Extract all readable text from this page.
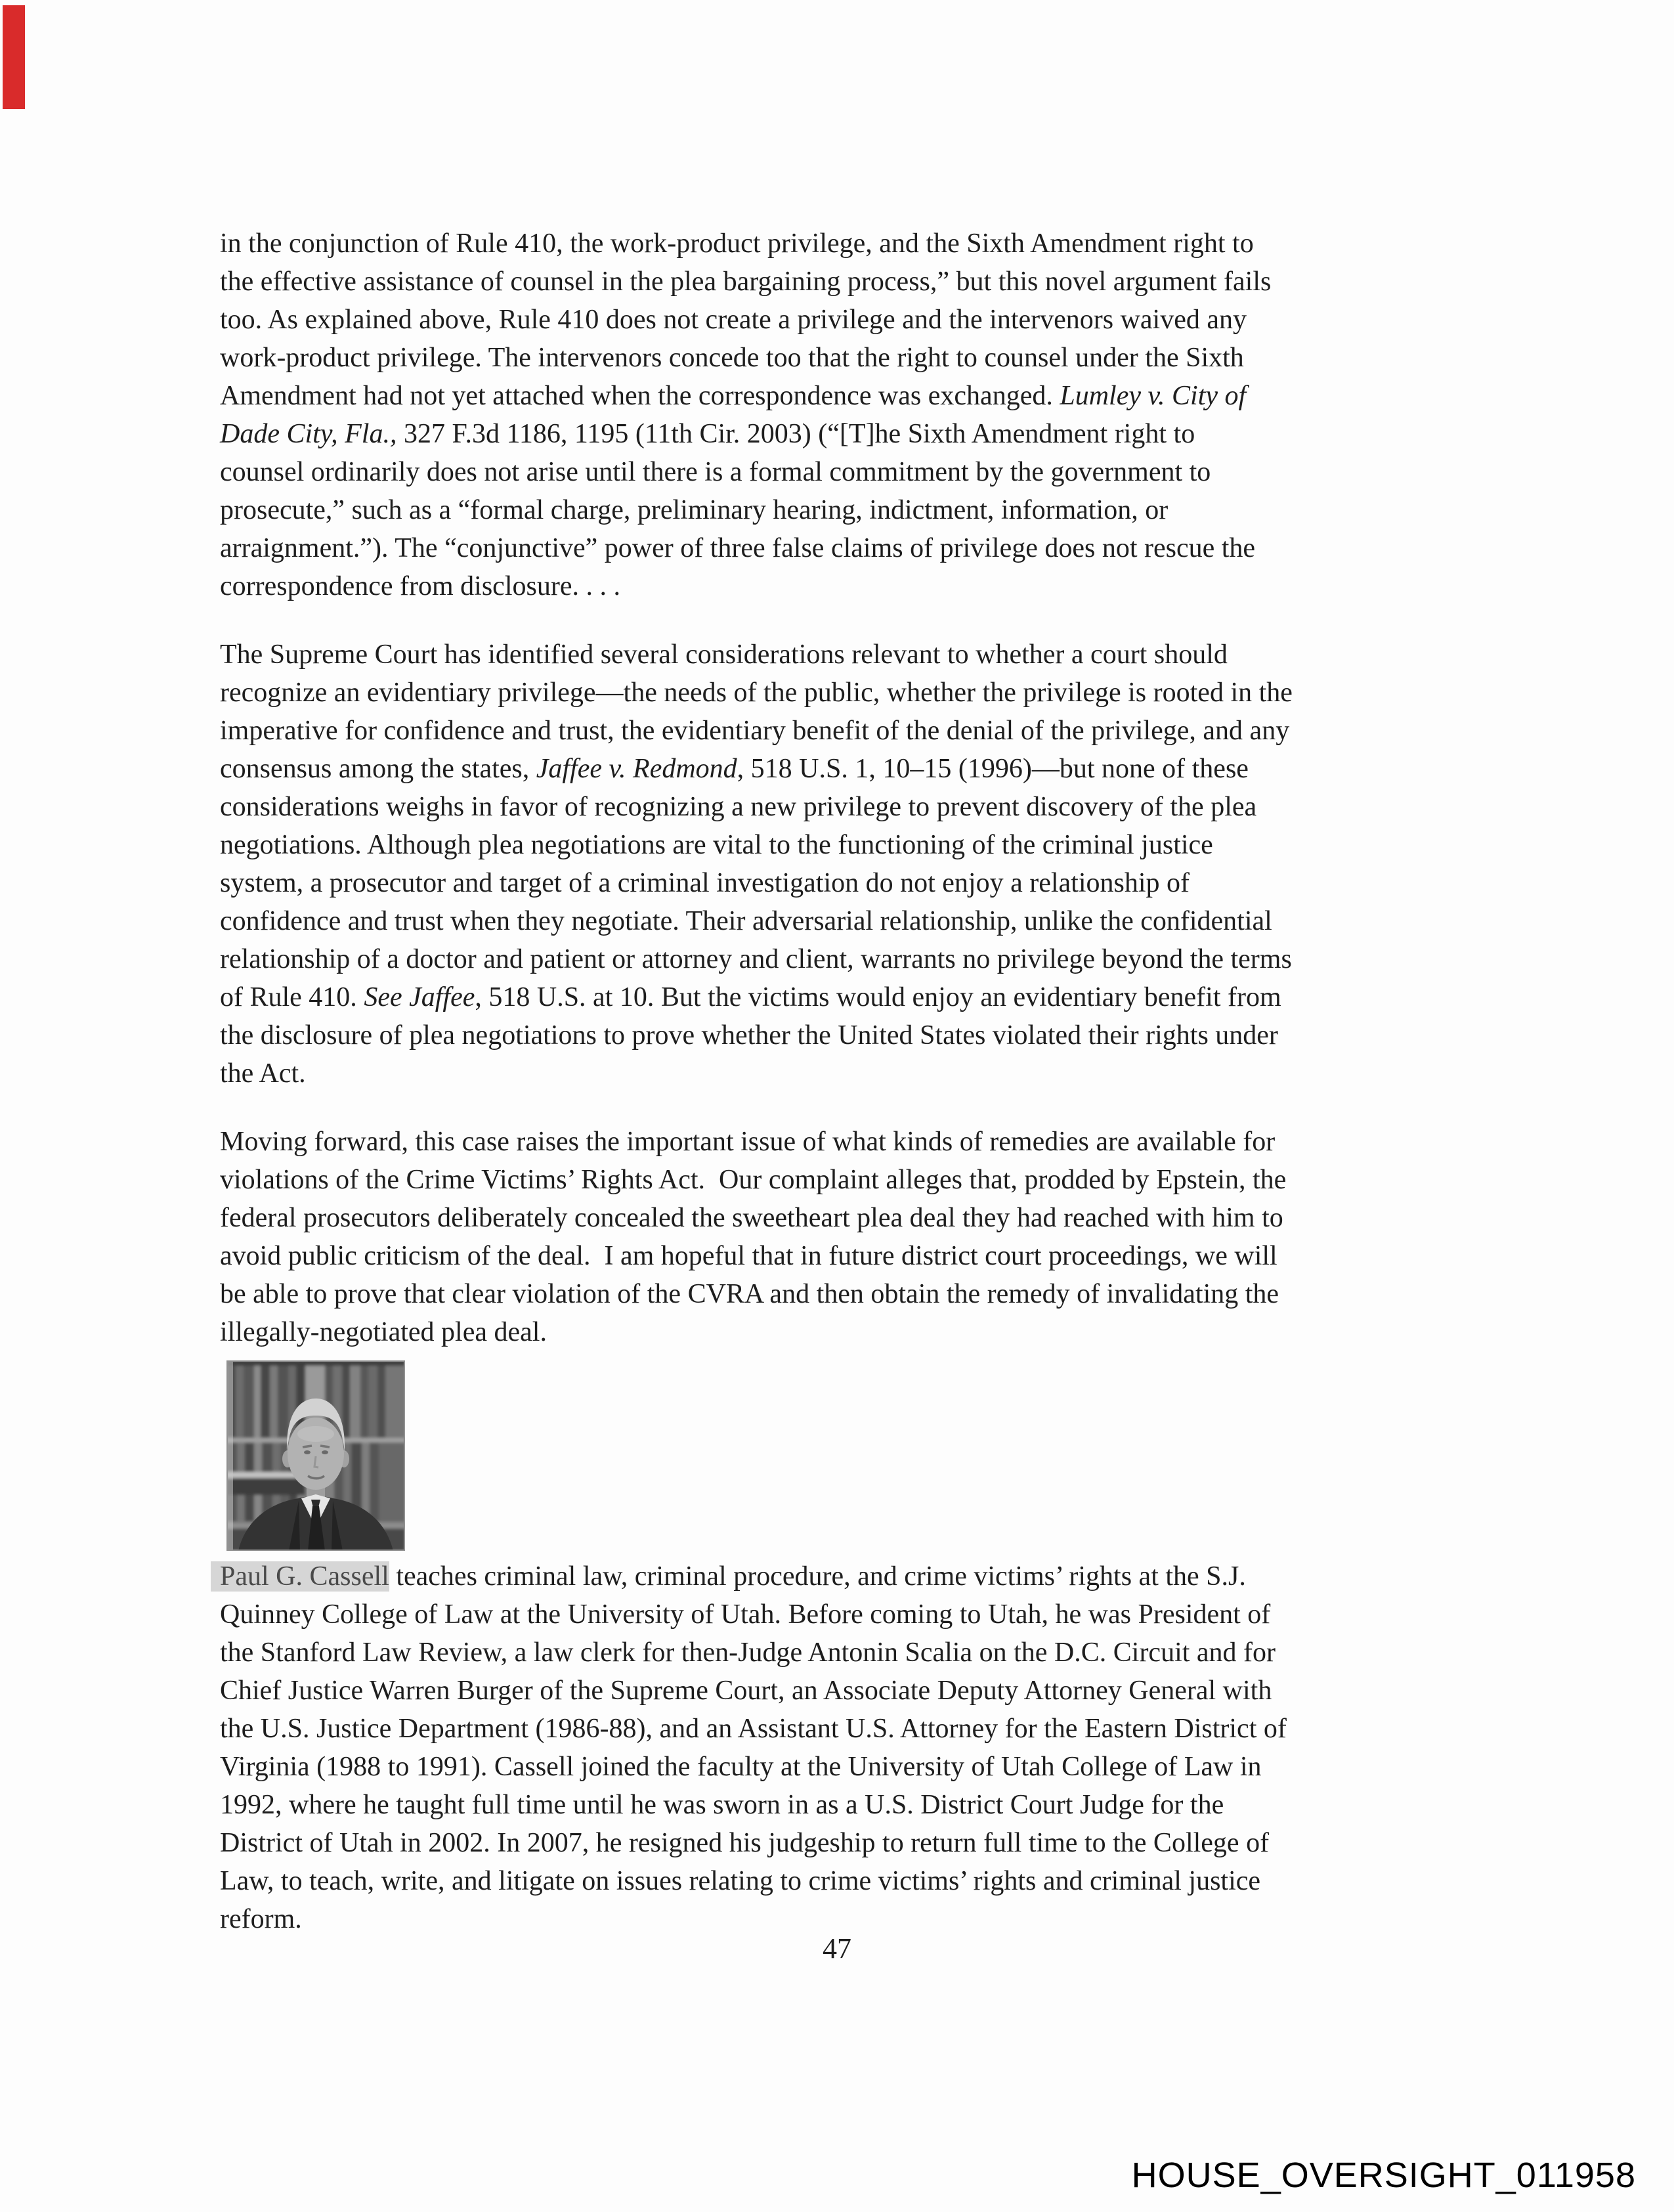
in the conjunction of Rule 410, the work-product privilege, and the Sixth Amendment right to
the effective assistance of counsel in the plea bargaining process,” but this novel argument fails
too. As explained above, Rule 410 does not create a privilege and the intervenors waived any
work-product privilege. The intervenors concede too that the right to counsel under the Sixth
Amendment had not yet attached when the correspondence was exchanged. Lumley v. City of
Dade City, Fla., 327 F.3d 1186, 1195 (11th Cir. 2003) (“[T]he Sixth Amendment right to
counsel ordinarily does not arise until there is a formal commitment by the government to
prosecute,” such as a “formal charge, preliminary hearing, indictment, information, or
arraignment.”). The “conjunctive” power of three false claims of privilege does not rescue the
correspondence from disclosure. . . .
The Supreme Court has identified several considerations relevant to whether a court should
recognize an evidentiary privilege—the needs of the public, whether the privilege is rooted in the
imperative for confidence and trust, the evidentiary benefit of the denial of the privilege, and any
consensus among the states, Jaffee v. Redmond, 518 U.S. 1, 10–15 (1996)—but none of these
considerations weighs in favor of recognizing a new privilege to prevent discovery of the plea
negotiations. Although plea negotiations are vital to the functioning of the criminal justice
system, a prosecutor and target of a criminal investigation do not enjoy a relationship of
confidence and trust when they negotiate. Their adversarial relationship, unlike the confidential
relationship of a doctor and patient or attorney and client, warrants no privilege beyond the terms
of Rule 410. See Jaffee, 518 U.S. at 10. But the victims would enjoy an evidentiary benefit from
the disclosure of plea negotiations to prove whether the United States violated their rights under
the Act.
Moving forward, this case raises the important issue of what kinds of remedies are available for
violations of the Crime Victims’ Rights Act.  Our complaint alleges that, prodded by Epstein, the
federal prosecutors deliberately concealed the sweetheart plea deal they had reached with him to
avoid public criticism of the deal.  I am hopeful that in future district court proceedings, we will
be able to prove that clear violation of the CVRA and then obtain the remedy of invalidating the
illegally-negotiated plea deal.
Paul G. Cassell teaches criminal law, criminal procedure, and crime victims’ rights at the S.J.
Quinney College of Law at the University of Utah. Before coming to Utah, he was President of
the Stanford Law Review, a law clerk for then-Judge Antonin Scalia on the D.C. Circuit and for
Chief Justice Warren Burger of the Supreme Court, an Associate Deputy Attorney General with
the U.S. Justice Department (1986-88), and an Assistant U.S. Attorney for the Eastern District of
Virginia (1988 to 1991). Cassell joined the faculty at the University of Utah College of Law in
1992, where he taught full time until he was sworn in as a U.S. District Court Judge for the
District of Utah in 2002. In 2007, he resigned his judgeship to return full time to the College of
Law, to teach, write, and litigate on issues relating to crime victims’ rights and criminal justice
reform.
47
HOUSE_OVERSIGHT_011958
